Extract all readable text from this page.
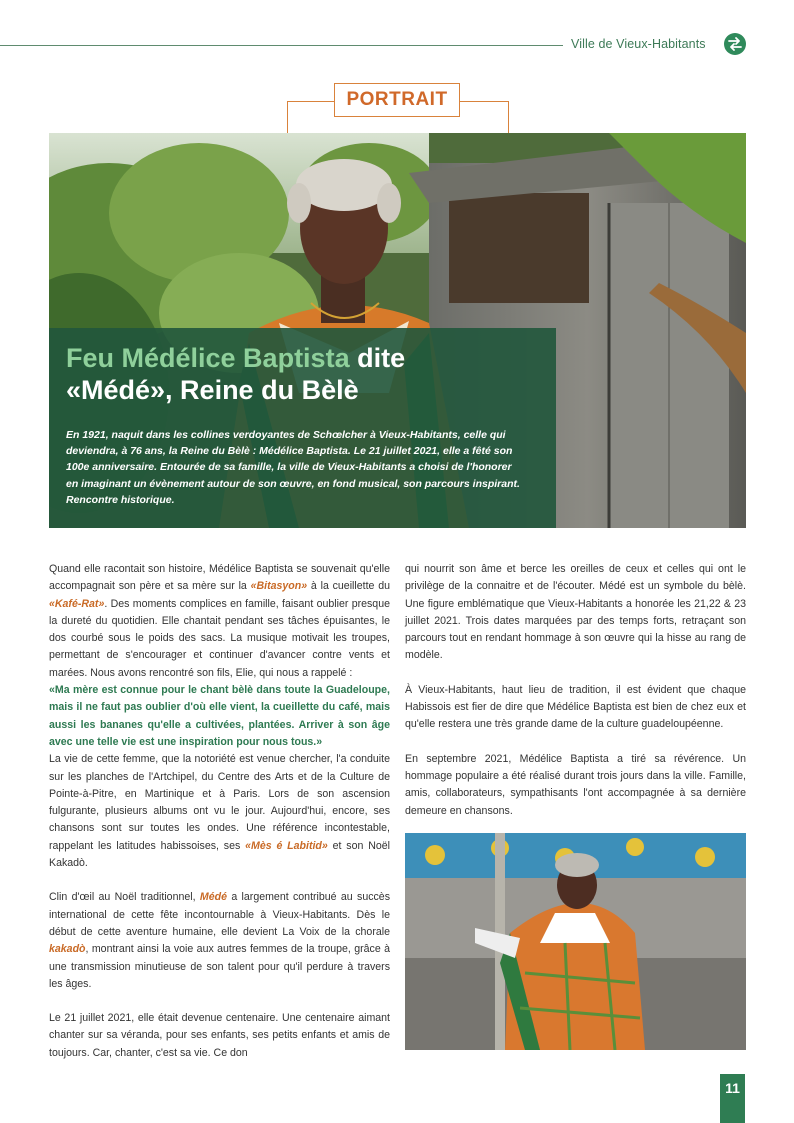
Ville de Vieux-Habitants
PORTRAIT
Feu Médélice Baptista dite
«Médé», Reine du Bèlè
En 1921, naquit dans les collines verdoyantes de Schœlcher à Vieux-Habitants, celle qui deviendra, à 76 ans, la Reine du Bèlè : Médélice Baptista. Le 21 juillet 2021, elle a fêté son 100e anniversaire. Entourée de sa famille, la ville de Vieux-Habitants a choisi de l'honorer en imaginant un évènement autour de son œuvre, en fond musical, son parcours inspirant. Rencontre historique.

Quand elle racontait son histoire, Médélice Baptista se souvenait qu'elle accompagnait son père et sa mère sur la «Bitasyon» à la cueillette du «Kafé-Rat». Des moments complices en famille, faisant oublier presque la dureté du quotidien. Elle chantait pendant ses tâches épuisantes, le dos courbé sous le poids des sacs. La musique motivait les troupes, permettant de s'encourager et continuer d'avancer contre vents et marées. Nous avons rencontré son fils, Elie, qui nous a rappelé :

«Ma mère est connue pour le chant bèlè dans toute la Guadeloupe, mais il ne faut pas oublier d'où elle vient, la cueillette du café, mais aussi les bananes qu'elle a cultivées, plantées. Arriver à son âge avec une telle vie est une inspiration pour nous tous.»

La vie de cette femme, que la notoriété est venue chercher, l'a conduite sur les planches de l'Artchipel, du Centre des Arts et de la Culture de Pointe-à-Pitre, en Martinique et à Paris. Lors de son ascension fulgurante, plusieurs albums ont vu le jour. Aujourd'hui, encore, ses chansons sont sur toutes les ondes. Une référence incontestable, rappelant les latitudes habissoises, ses «Mès é Labitid» et son Noël Kakadò.

Clin d'œil au Noël traditionnel, Médé a largement contribué au succès international de cette fête incontournable à Vieux-Habitants. Dès le début de cette aventure humaine, elle devient La Voix de la chorale kakadò, montrant ainsi la voie aux autres femmes de la troupe, grâce à une transmission minutieuse de son talent pour qu'il perdure à travers les âges.

Le 21 juillet 2021, elle était devenue centenaire. Une centenaire aimant chanter sur sa véranda, pour ses enfants, ses petits enfants et amis de toujours. Car, chanter, c'est sa vie. Ce don

qui nourrit son âme et berce les oreilles de ceux et celles qui ont le privilège de la connaitre et de l'écouter. Médé est un symbole du bèlè. Une figure emblématique que Vieux-Habitants a honorée les 21,22 & 23 juillet 2021. Trois dates marquées par des temps forts, retraçant son parcours tout en rendant hommage à son œuvre qui la hisse au rang de modèle.

À Vieux-Habitants, haut lieu de tradition, il est évident que chaque Habissois est fier de dire que Médélice Baptista est bien de chez eux et qu'elle restera une très grande dame de la culture guadeloupéenne.

En septembre 2021, Médélice Baptista a tiré sa révérence. Un hommage populaire a été réalisé durant trois jours dans la ville. Famille, amis, collaborateurs, sympathisants l'ont accompagnée à sa dernière demeure en chansons.

11
